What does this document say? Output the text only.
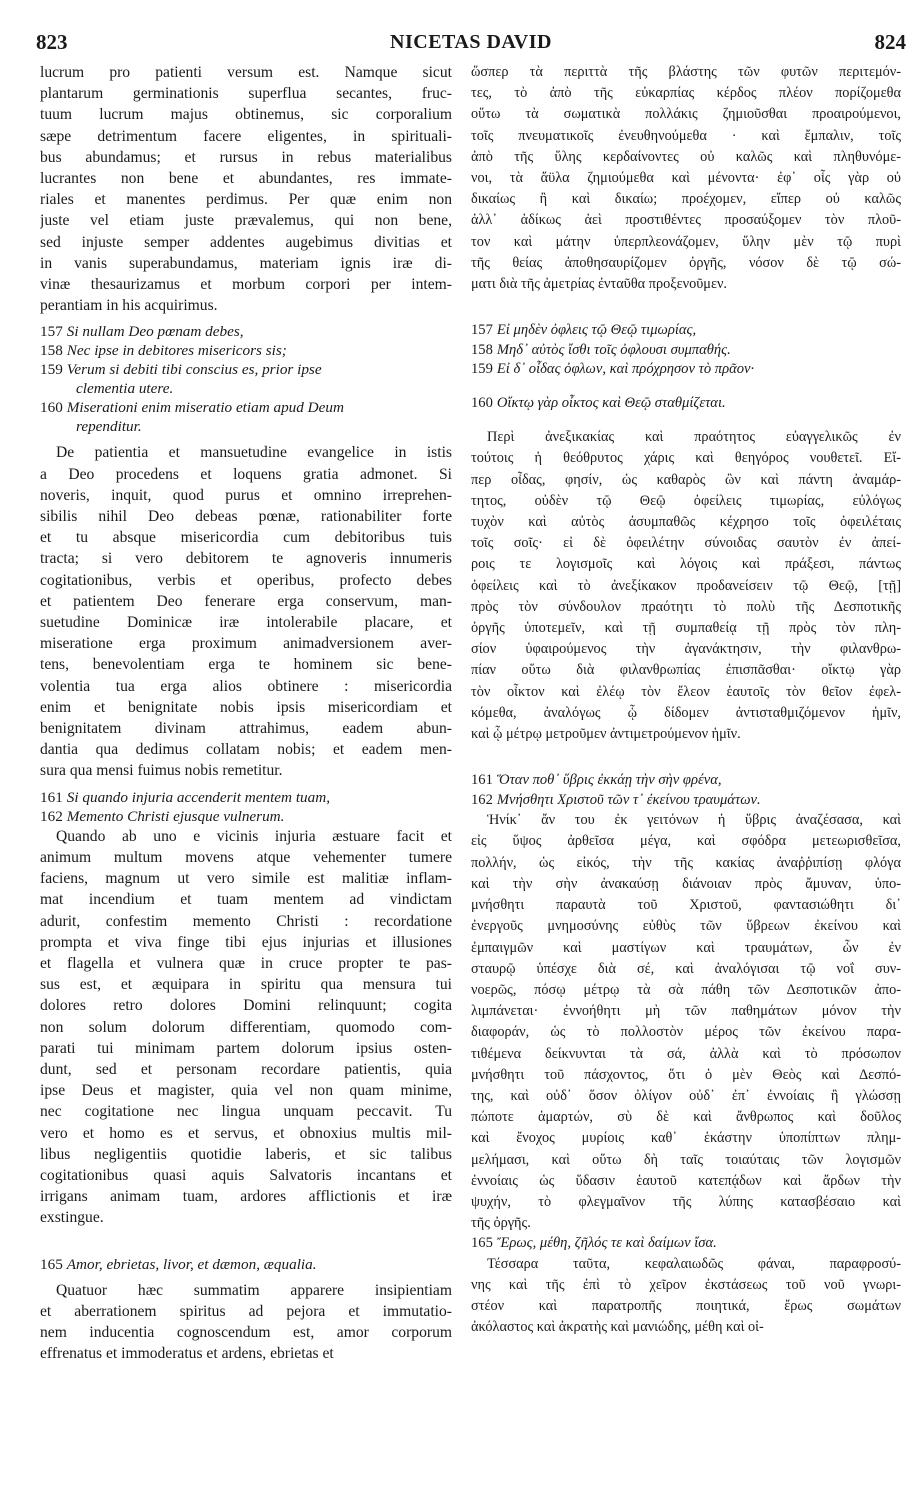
823	NICETAS DAVID	824
lucrum pro patienti versum est. Namque sicut
plantarum germinationis superflua secantes, fruc-
tuum lucrum majus obtinemus, sic corporalium
sæpe detrimentum facere eligentes, in spirituali-
bus abundamus; et rursus in rebus materialibus
lucrantes non bene et abundantes, res immate-
riales et manentes perdimus. Per quæ enim non
juste vel etiam juste prævalemus, qui non bene,
sed injuste semper addentes augebimus divitias et
in vanis superabundamus, materiam ignis iræ di-
vinæ thesaurizamus et morbum corpori per intem-
perantiam in his acquirimus.
157 Si nullam Deo pœnam debes,
158 Nec ipse in debitores misericors sis;
159 Verum si debiti tibi conscius es, prior ipse
clementia utere.
160 Miserationi enim miseratio etiam apud Deum
rependitur.
De patientia et mansuetudine evangelice in istis
a Deo procedens et loquens gratia admonet. Si
noveris, inquit, quod purus et omnino irreprehen-
sibilis nihil Deo debeas pœnæ, rationabiliter forte
et tu absque misericordia cum debitoribus tuis
tracta; si vero debitorem te agnoveris innumeris
cogitationibus, verbis et operibus, profecto debes
et patientem Deo fenerare erga conservum, man-
suetudine Dominicæ iræ intolerabile placare, et
miseratione erga proximum animadversionem aver-
tens, benevolentiam erga te hominem sic bene-
volentia tua erga alios obtinere : misericordia
enim et benignitate nobis ipsis misericordiam et
benignitatem divinam attrahimus, eadem abun-
dantia qua dedimus collatam nobis; et eadem men-
sura qua mensi fuimus nobis remetitur.
161 Si quando injuria accenderit mentem tuam,
162 Memento Christi ejusque vulnerum.
Quando ab uno e vicinis injuria æstuare facit et
animum multum movens atque vehementer tumere
faciens, magnum ut vero simile est malitiæ inflam-
mat incendium et tuam mentem ad vindictam
adurit, confestim memento Christi : recordatione
prompta et viva finge tibi ejus injurias et illusiones
et flagella et vulnera quæ in cruce propter te pas-
sus est, et æquipara in spiritu qua mensura tui
dolores retro dolores Domini relinquunt; cogita
non solum dolorum differentiam, quomodo com-
parati tui minimam partem dolorum ipsius osten-
dunt, sed et personam recordare patientis, quia
ipse Deus et magister, quia vel non quam minime,
nec cogitatione nec lingua unquam peccavit. Tu
vero et homo es et servus, et obnoxius multis mil-
libus negligentiis quotidie laberis, et sic talibus
cogitationibus quasi aquis Salvatoris incantans et
irrigans animam tuam, ardores afflictionis et iræ
exstingue.
165 Amor, ebrietas, livor, et dæmon, æqualia.
Quatuor hæc summatim apparere insipientiam
et aberrationem spiritus ad pejora et immutatio-
nem inducentia cognoscendum est, amor corporum
effrenatus et immoderatus et ardens, ebrietas et
ὥσπερ τὰ περιττὰ τῆς βλάστης τῶν φυτῶν περιτεμόν-
τες, τὸ ἀπὸ τῆς εὐκαρπίας κέρδος πλέον πορίζομεθα
οὕτω τὰ σωματικὰ πολλάκις ζημιοῦσθαι προαιρούμενοι,
τοῖς πνευματικοῖς ἐνευθηνούμεθα · καὶ ἔμπαλιν, τοῖς
ἀπὸ τῆς ὕλης κερδαίνοντες οὐ καλῶς καὶ πληθυνόμε-
νοι, τὰ ἄϋλα ζημιούμεθα καὶ μένοντα· ἐφ᾽ οἷς γὰρ οὐ
δικαίως ἢ καὶ δικαίω; προέχομεν, εἴπερ οὐ καλῶς
ἀλλ᾽ ἀδίκως ἀεὶ προστιθέντες προσαύξομεν τὸν πλοῦ-
τον καὶ μάτην ὑπερπλεονάζομεν, ὕλην μὲν τῷ πυρὶ
τῆς θείας ἀποθησαυρίζομεν ὀργῆς, νόσον δὲ τῷ σώ-
ματι διὰ τῆς ἀμετρίας ἐνταῦθα προξενοῦμεν.
157 Εἰ μηδὲν ὀφλεις τῷ Θεῷ τιμωρίας,
158 Μηδ᾽ αὐτὸς ἴσθι τοῖς ὀφλουσι συμπαθής.
159 Εἰ δ᾽ οἶδας ὀφλων, καὶ πρόχρησον τὸ πρᾶον·
160 Οἴκτῳ γὰρ οἶκτος καὶ Θεῷ σταθμίζεται.
Περὶ ἀνεξικακίας καὶ πραότητος εὐαγγελικῶς ἐν
τούτοις ἡ θεόθρυτος χάρις καὶ θεηγόρος νουθετεῖ. Εἴ-
περ οἶδας, φησίν, ὡς καθαρὸς ὢν καὶ πάντη ἀναμάρ-
τητος, οὐδὲν τῷ Θεῷ ὀφείλεις τιμωρίας, εὐλόγως
τυχὸν καὶ αὐτὸς ἀσυμπαθῶς κέχρησο τοῖς ὀφειλέταις
τοῖς σοῖς· εἰ δὲ ὀφειλέτην σύνοιδας σαυτὸν ἐν ἀπεί-
ροις τε λογισμοῖς καὶ λόγοις καὶ πράξεσι, πάντως
ὀφείλεις καὶ τὸ ἀνεξίκακον προδανείσειν τῷ Θεῷ, [τῇ]
πρὸς τὸν σύνδουλον πραότητι τὸ πολὺ τῆς Δεσποτικῆς
ὀργῆς ὑποτεμεῖν, καὶ τῇ συμπαθείᾳ τῇ πρὸς τὸν πλη-
σίον ὑφαιρούμενος τὴν ἀγανάκτησιν, τὴν φιλανθρω-
πίαν οὕτω διὰ φιλανθρωπίας ἐπισπᾶσθαι· οἴκτῳ γὰρ
τὸν οἶκτον καὶ ἐλέῳ τὸν ἔλεον ἑαυτοῖς τὸν θεῖον ἐφελ-
κόμεθα, ἀναλόγως ᾧ δίδομεν ἀντισταθμιζόμενον ἡμῖν,
καὶ ᾧ μέτρῳ μετροῦμεν ἀντιμετρούμενον ἡμῖν.
161 Ὅταν ποθ᾽ ὕβρις ἐκκάῃ τὴν σὴν φρένα,
162 Μνήσθητι Χριστοῦ τῶν τ᾽ ἐκείνου τραυμάτων.
Ἡνίκ᾽ ἄν του ἐκ γειτόνων ἡ ὕβρις ἀναζέσασα, καὶ
εἰς ὕψος ἀρθεῖσα μέγα, καὶ σφόδρα μετεωρισθεῖσα,
πολλήν, ὡς εἰκός, τὴν τῆς κακίας ἀναῤῥιπίσῃ φλόγα
καὶ τὴν σὴν ἀνακαύσῃ διάνοιαν πρὸς ἄμυναν, ὑπο-
μνήσθητι παραυτὰ τοῦ Χριστοῦ, φαντασιώθητι δι᾽
ἐνεργοῦς μνημοσύνης εὐθὺς τῶν ὕβρεων ἐκείνου καὶ
ἐμπαιγμῶν καὶ μαστίγων καὶ τραυμάτων, ὧν ἐν
σταυρῷ ὑπέσχε διὰ σέ, καὶ ἀναλόγισαι τῷ νοΐ συν-
νοερῶς, πόσῳ μέτρῳ τὰ σὰ πάθη τῶν Δεσποτικῶν ἀπο-
λιμπάνεται· ἐννοήθητι μὴ τῶν παθημάτων μόνον τὴν
διαφοράν, ὡς τὸ πολλοστὸν μέρος τῶν ἐκείνου παρα-
τιθέμενα δείκνυνται τὰ σά, ἀλλὰ καὶ τὸ πρόσωπον
μνήσθητι τοῦ πάσχοντος, ὅτι ὁ μὲν Θεὸς καὶ Δεσπό-
της, καὶ οὐδ᾽ ὅσον ὀλίγον οὐδ᾽ ἐπ᾽ ἐννοίαις ἢ γλώσσῃ
πώποτε ἁμαρτών, σὺ δὲ καὶ ἄνθρωπος καὶ δοῦλος
καὶ ἔνοχος μυρίοις καθ᾽ ἑκάστην ὑποπίπτων πλημ-
μελήμασι, καὶ οὕτω δὴ ταῖς τοιαύταις τῶν λογισμῶν
ἐννοίαις ὡς ὕδασιν ἑαυτοῦ κατεπᾴδων καὶ ἄρδων τὴν
ψυχήν, τὸ φλεγμαῖνον τῆς λύπης κατασβέσαιο καὶ
τῆς ὀργῆς.
165 Ἔρως, μέθη, ζῆλός τε καὶ δαίμων ἴσα.
Τέσσαρα ταῦτα, κεφαλαιωδῶς φάναι, παραφροσύ-
νης καὶ τῆς ἐπὶ τὸ χεῖρον ἐκστάσεως τοῦ νοῦ γνωρι-
στέον καὶ παρατροπῆς ποιητικά, ἔρως σωμάτων
ἀκόλαστος καὶ ἀκρατὴς καὶ μανιώδης, μέθη καὶ οἰ-
